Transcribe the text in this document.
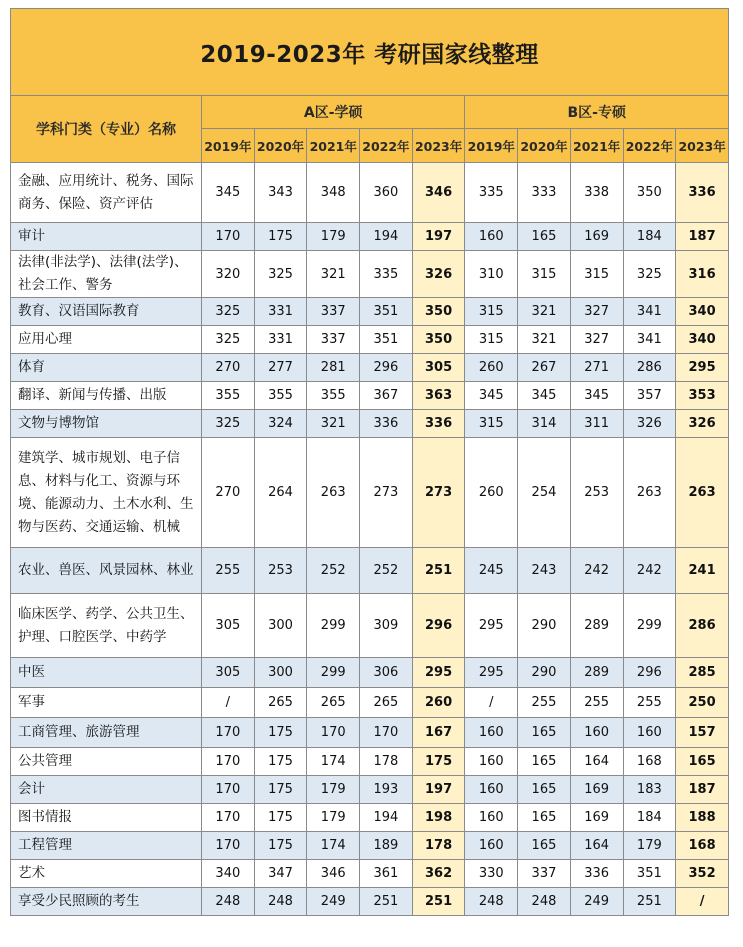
2019-2023年 考研国家线整理										
学科门类（专业）名称	A区-学硕					B区-专硕				
	2019年	2020年	2021年	2022年	2023年	2019年	2020年	2021年	2022年	2023年
金融、应用统计、税务、国际商务、保险、资产评估	345	343	348	360	346	335	333	338	350	336
审计	170	175	179	194	197	160	165	169	184	187
法律(非法学)、法律(法学)、社会工作、警务	320	325	321	335	326	310	315	315	325	316
教育、汉语国际教育	325	331	337	351	350	315	321	327	341	340
应用心理	325	331	337	351	350	315	321	327	341	340
体育	270	277	281	296	305	260	267	271	286	295
翻译、新闻与传播、出版	355	355	355	367	363	345	345	345	357	353
文物与博物馆	325	324	321	336	336	315	314	311	326	326
建筑学、城市规划、电子信息、材料与化工、资源与环境、能源动力、土木水利、生物与医药、交通运输、机械	270	264	263	273	273	260	254	253	263	263
农业、兽医、风景园林、林业	255	253	252	252	251	245	243	242	242	241
临床医学、药学、公共卫生、护理、口腔医学、中药学	305	300	299	309	296	295	290	289	299	286
中医	305	300	299	306	295	295	290	289	296	285
军事	/	265	265	265	260	/	255	255	255	250
工商管理、旅游管理	170	175	170	170	167	160	165	160	160	157
公共管理	170	175	174	178	175	160	165	164	168	165
会计	170	175	179	193	197	160	165	169	183	187
图书情报	170	175	179	194	198	160	165	169	184	188
工程管理	170	175	174	189	178	160	165	164	179	168
艺术	340	347	346	361	362	330	337	336	351	352
享受少民照顾的考生	248	248	249	251	251	248	248	249	251	/
